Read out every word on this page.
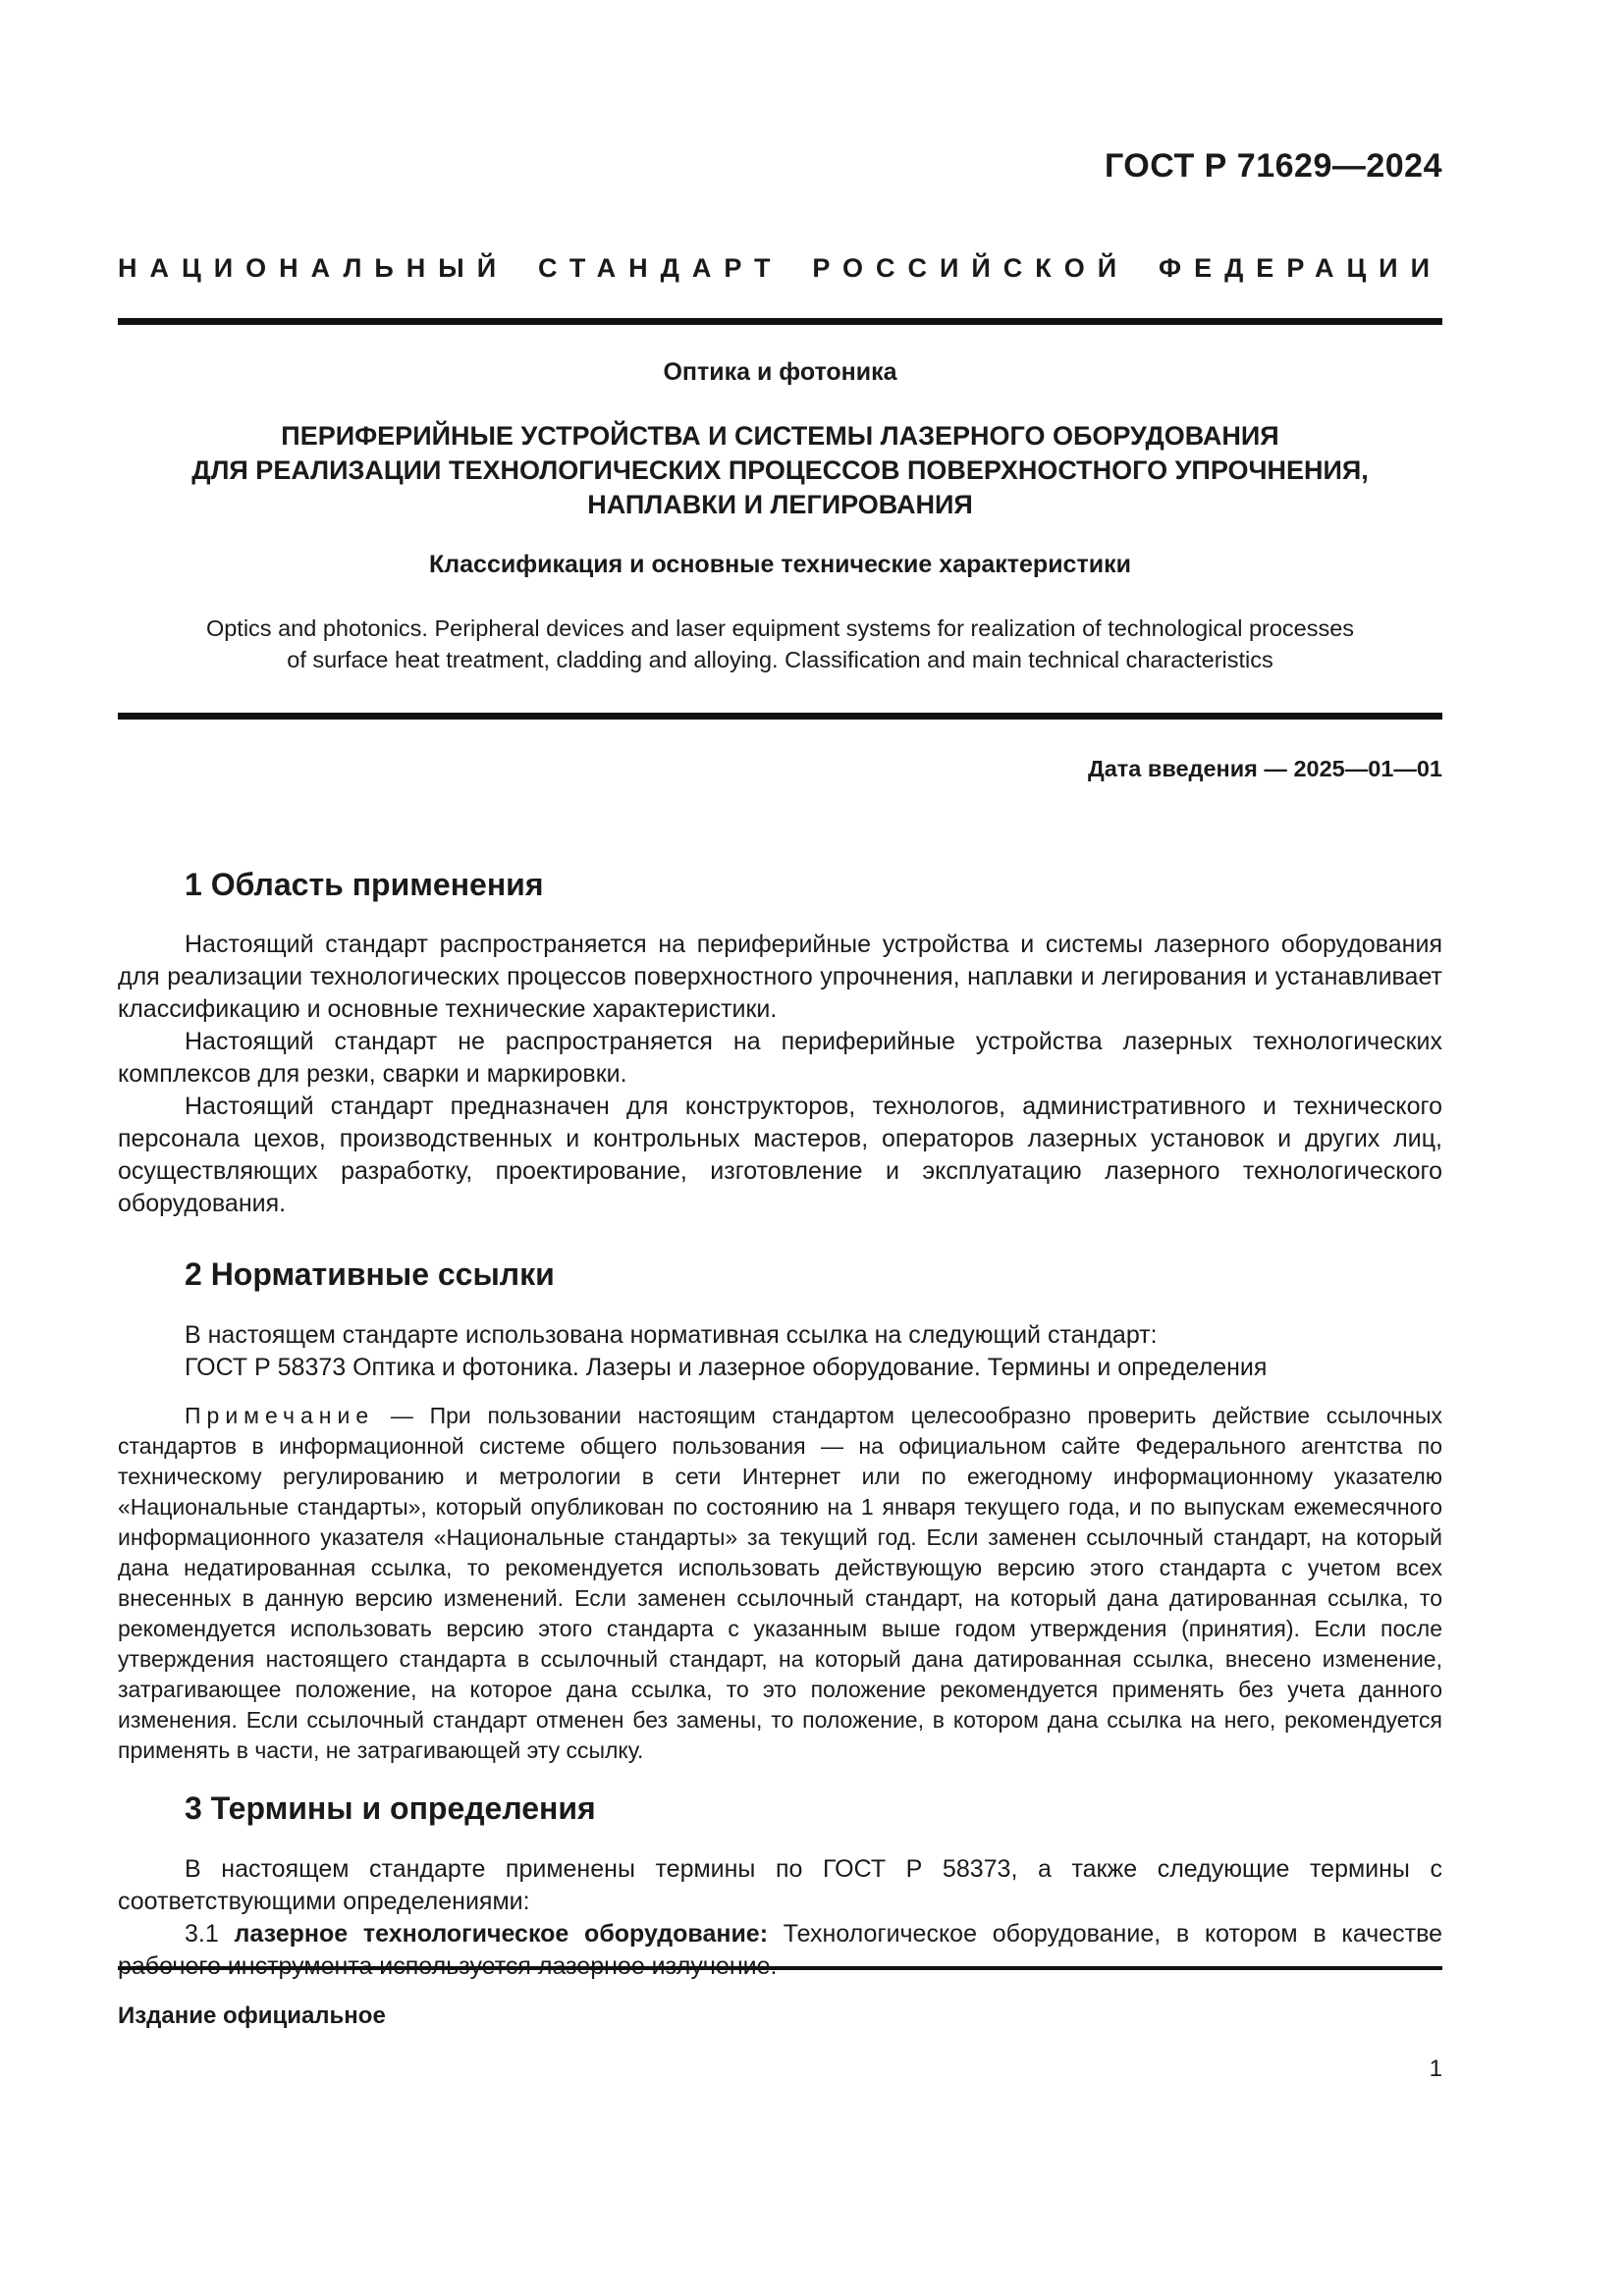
ГОСТ Р 71629—2024
НАЦИОНАЛЬНЫЙ СТАНДАРТ РОССИЙСКОЙ ФЕДЕРАЦИИ
Оптика и фотоника
ПЕРИФЕРИЙНЫЕ УСТРОЙСТВА И СИСТЕМЫ ЛАЗЕРНОГО ОБОРУДОВАНИЯ
ДЛЯ РЕАЛИЗАЦИИ ТЕХНОЛОГИЧЕСКИХ ПРОЦЕССОВ ПОВЕРХНОСТНОГО УПРОЧНЕНИЯ,
НАПЛАВКИ И ЛЕГИРОВАНИЯ
Классификация и основные технические характеристики
Optics and photonics. Peripheral devices and laser equipment systems for realization of technological processes
of surface heat treatment, cladding and alloying. Classification and main technical characteristics
Дата введения — 2025—01—01
1 Область применения
Настоящий стандарт распространяется на периферийные устройства и системы лазерного оборудования для реализации технологических процессов поверхностного упрочнения, наплавки и легирования и устанавливает классификацию и основные технические характеристики.
Настоящий стандарт не распространяется на периферийные устройства лазерных технологических комплексов для резки, сварки и маркировки.
Настоящий стандарт предназначен для конструкторов, технологов, административного и технического персонала цехов, производственных и контрольных мастеров, операторов лазерных установок и других лиц, осуществляющих разработку, проектирование, изготовление и эксплуатацию лазерного технологического оборудования.
2 Нормативные ссылки
В настоящем стандарте использована нормативная ссылка на следующий стандарт:
ГОСТ Р 58373 Оптика и фотоника. Лазеры и лазерное оборудование. Термины и определения
Примечание — При пользовании настоящим стандартом целесообразно проверить действие ссылочных стандартов в информационной системе общего пользования — на официальном сайте Федерального агентства по техническому регулированию и метрологии в сети Интернет или по ежегодному информационному указателю «Национальные стандарты», который опубликован по состоянию на 1 января текущего года, и по выпускам ежемесячного информационного указателя «Национальные стандарты» за текущий год. Если заменен ссылочный стандарт, на который дана недатированная ссылка, то рекомендуется использовать действующую версию этого стандарта с учетом всех внесенных в данную версию изменений. Если заменен ссылочный стандарт, на который дана датированная ссылка, то рекомендуется использовать версию этого стандарта с указанным выше годом утверждения (принятия). Если после утверждения настоящего стандарта в ссылочный стандарт, на который дана датированная ссылка, внесено изменение, затрагивающее положение, на которое дана ссылка, то это положение рекомендуется применять без учета данного изменения. Если ссылочный стандарт отменен без замены, то положение, в котором дана ссылка на него, рекомендуется применять в части, не затрагивающей эту ссылку.
3 Термины и определения
В настоящем стандарте применены термины по ГОСТ Р 58373, а также следующие термины с соответствующими определениями:
3.1 лазерное технологическое оборудование: Технологическое оборудование, в котором в качестве
Издание официальное
1
